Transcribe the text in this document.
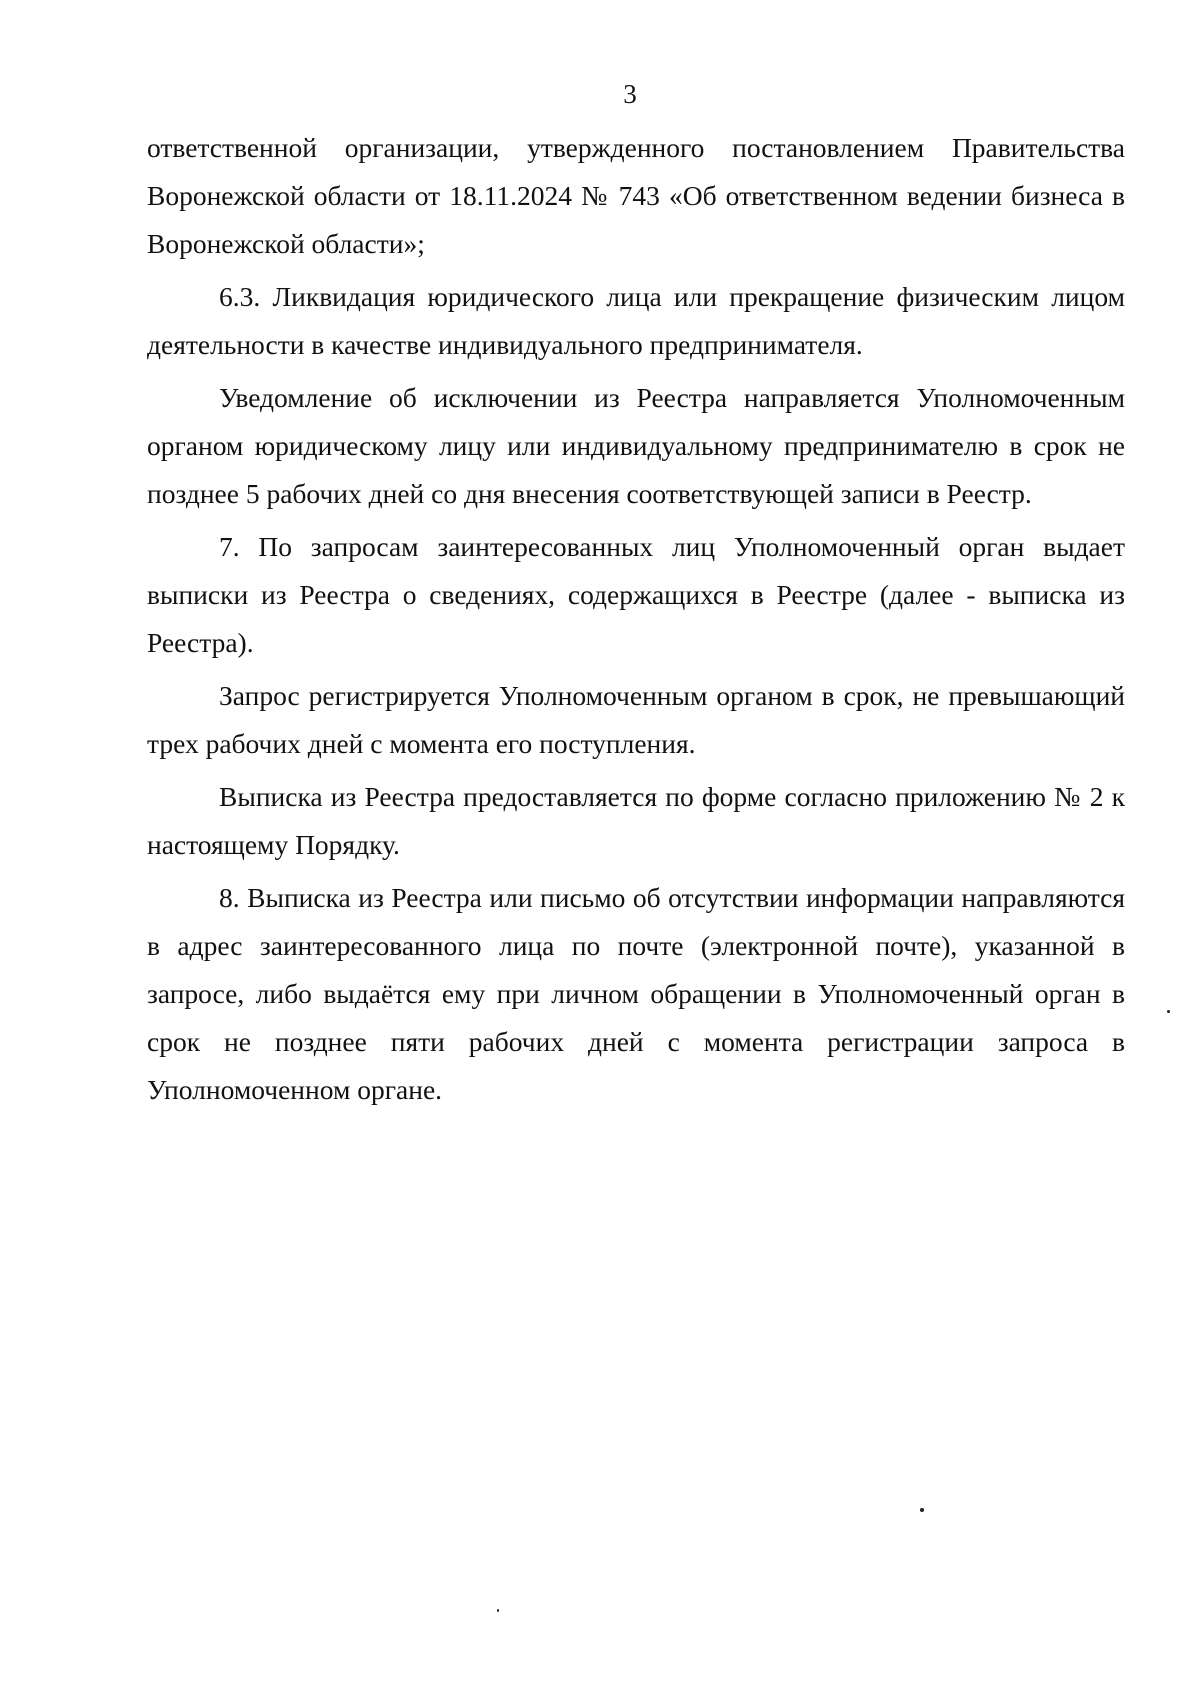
3

ответственной организации, утвержденного постановлением Правительства Воронежской области от 18.11.2024 № 743 «Об ответственном ведении бизнеса в Воронежской области»;

6.3. Ликвидация юридического лица или прекращение физическим лицом деятельности в качестве индивидуального предпринимателя.

Уведомление об исключении из Реестра направляется Уполномоченным органом юридическому лицу или индивидуальному предпринимателю в срок не позднее 5 рабочих дней со дня внесения соответствующей записи в Реестр.

7. По запросам заинтересованных лиц Уполномоченный орган выдает выписки из Реестра о сведениях, содержащихся в Реестре (далее - выписка из Реестра).

Запрос регистрируется Уполномоченным органом в срок, не превышающий трех рабочих дней с момента его поступления.

Выписка из Реестра предоставляется по форме согласно приложению № 2 к настоящему Порядку.

8. Выписка из Реестра или письмо об отсутствии информации направляются в адрес заинтересованного лица по почте (электронной почте), указанной в запросе, либо выдаётся ему при личном обращении в Уполномоченный орган в срок не позднее пяти рабочих дней с момента регистрации запроса в Уполномоченном органе.
